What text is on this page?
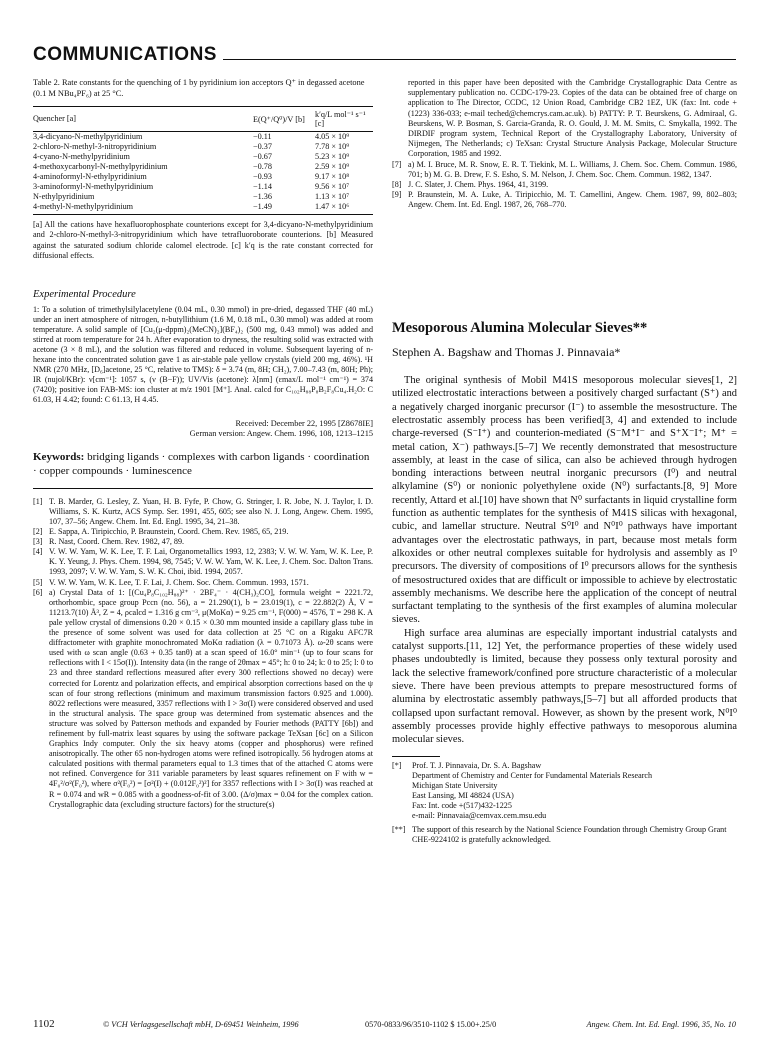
COMMUNICATIONS
Table 2. Rate constants for the quenching of 1 by pyridinium ion acceptors Q⁺ in degassed acetone (0.1 M NBu₄PF₆) at 25 °C.
Quencher [a]	E(Q⁺/Q⁰)/V [b]	k′q/L mol⁻¹ s⁻¹ [c]
3,4-dicyano-N-methylpyridinium	−0.11	4.05 × 10⁹
2-chloro-N-methyl-3-nitropyridinium	−0.37	7.78 × 10⁹
4-cyano-N-methylpyridinium	−0.67	5.23 × 10⁹
4-methoxycarbonyl-N-methylpyridinium	−0.78	2.59 × 10⁹
4-aminoformyl-N-ethylpyridinium	−0.93	9.17 × 10⁸
3-aminoformyl-N-methylpyridinium	−1.14	9.56 × 10⁷
N-ethylpyridinium	−1.36	1.13 × 10⁷
4-methyl-N-methylpyridinium	−1.49	1.47 × 10⁶
[a] All the cations have hexafluorophosphate counterions except for 3,4-dicyano-N-methylpyridinium and 2-chloro-N-methyl-3-nitropyridinium which have tetrafluoroborate counterions. [b] Measured against the saturated sodium chloride calomel electrode. [c] k′q is the rate constant corrected for diffusional effects.
Experimental Procedure
1: To a solution of trimethylsilylacetylene (0.04 mL, 0.30 mmol) in pre-dried, degassed THF (40 mL) under an inert atmosphere of nitrogen, n-butyllithium (1.6 M, 0.18 mL, 0.30 mmol) was added at room temperature. A solid sample of [Cu₂(μ-dppm)₂(MeCN)₂](BF₄)₂ (500 mg, 0.43 mmol) was added and stirred at room temperature for 24 h. After evaporation to dryness, the resulting solid was extracted with acetone (3 × 8 mL), and the solution was filtered and reduced in volume. Subsequent layering of n-hexane into the concentrated solution gave 1 as air-stable pale yellow crystals (yield 200 mg, 46%). ¹H NMR (270 MHz, [D₆]acetone, 25 °C, relative to TMS): δ = 3.74 (m, 8H; CH₂), 7.00–7.43 (m, 80H; Ph); IR (nujol/KBr): ν[cm⁻¹]: 1057 s, (ν (B−F)); UV/Vis (acetone): λ[nm] (εmax/L mol⁻¹ cm⁻¹) = 374 (7420); positive ion FAB-MS: ion cluster at m/z 1901 [M⁺]. Anal. calcd for C₁₀₂H₈₈P₈B₂F₈Cu₄.H₂O: C 61.03, H 4.42; found: C 61.13, H 4.45.
Received: December 22, 1995 [Z8678IE]
German version: Angew. Chem. 1996, 108, 1213–1215
Keywords: bridging ligands · complexes with carbon ligands · coordination · copper compounds · luminescence
[1] T. B. Marder, G. Lesley, Z. Yuan, H. B. Fyfe, P. Chow, G. Stringer, I. R. Jobe, N. J. Taylor, I. D. Williams, S. K. Kurtz, ACS Symp. Ser. 1991, 455, 605; see also N. J. Long, Angew. Chem. 1995, 107, 37–56; Angew. Chem. Int. Ed. Engl. 1995, 34, 21–38.
[2] E. Sappa, A. Tiripicchio, P. Braunstein, Coord. Chem. Rev. 1985, 65, 219.
[3] R. Nast, Coord. Chem. Rev. 1982, 47, 89.
[4] V. W. W. Yam, W. K. Lee, T. F. Lai, Organometallics 1993, 12, 2383; V. W. W. Yam, W. K. Lee, P. K. Y. Yeung, J. Phys. Chem. 1994, 98, 7545; V. W. W. Yam, W. K. Lee, J. Chem. Soc. Dalton Trans. 1993, 2097; V. W. W. Yam, S. W. K. Choi, ibid. 1994, 2057.
[5] V. W. W. Yam, W. K. Lee, T. F. Lai, J. Chem. Soc. Chem. Commun. 1993, 1571.
[6] a) Crystal Data of 1: [(Cu₄P₈C₁₀₂H₈₈)²⁺ · 2BF₄⁻ · 4(CH₃)₂CO], formula weight = 2221.72, orthorhombic, space group Pccn (no. 56), a = 21.290(1), b = 23.019(1), c = 22.882(2) Å, V = 11213.7(10) Å³, Z = 4, ρcalcd = 1.316 g cm⁻³, μ(MoKα) = 9.25 cm⁻¹, F(000) = 4576, T = 298 K. A pale yellow crystal of dimensions 0.20 × 0.15 × 0.30 mm mounted inside a capillary glass tube in the presence of some solvent was used for data collection at 25 °C on a Rigaku AFC7R diffractometer with graphite monochromated MoKα radiation (λ = 0.71073 Å). ω-2θ scans were used with ω scan angle (0.63 + 0.35 tanθ) at a scan speed of 16.0° min⁻¹ (up to four scans for reflections with I < 15σ(I)). Intensity data (in the range of 2θmax = 45°; h: 0 to 24; k: 0 to 25; l: 0 to 23 and three standard reflections measured after every 300 reflections showed no decay) were corrected for Lorentz and polarization effects, and empirical absorption corrections based on the ψ scan of four strong reflections (minimum and maximum transmission factors 0.925 and 1.000). 8022 reflections were measured, 3357 reflections with I > 3σ(I) were considered observed and used in the structural analysis. The space group was determined from systematic absences and the structure was solved by Patterson methods and expanded by Fourier methods (PATTY [6b]) and refinement by full-matrix least squares by using the software package TeXsan [6c] on a Silicon Graphics Indy computer. Only the six heavy atoms (copper and phosphorus) were refined anisotropically. The other 65 non-hydrogen atoms were refined isotropically. 56 hydrogen atoms at calculated positions with thermal parameters equal to 1.3 times that of the attached C atoms were not refined. Convergence for 311 variable parameters by least squares refinement on F with w = 4F₀²/σ²(F₀²), where σ²(F₀²) = [σ²(I) + (0.012F₀²)²] for 3357 reflections with I > 3σ(I) was reached at R = 0.074 and wR = 0.085 with a goodness-of-fit of 3.00. (Δ/σ)max = 0.04 for the complex cation. Crystallographic data (excluding structure factors) for the structure(s)
reported in this paper have been deposited with the Cambridge Crystallographic Data Centre as supplementary publication no. CCDC-179-23. Copies of the data can be obtained free of charge on application to The Director, CCDC, 12 Union Road, Cambridge CB2 1EZ, UK (fax: Int. code + (1223) 336-033; e-mail teched@chemcrys.cam.ac.uk). b) PATTY: P. T. Beurskens, G. Admiraal, G. Beurskens, W. P. Bosman, S. Garcia-Granda, R. O. Gould, J. M. M. Smits, C. Smykalla, 1992. The DIRDIF program system, Technical Report of the Crystallography Laboratory, University of Nijmegen, The Netherlands; c) TeXsan: Crystal Structure Analysis Package, Molecular Structure Corporation, 1985 and 1992.
[7] a) M. I. Bruce, M. R. Snow, E. R. T. Tiekink, M. L. Williams, J. Chem. Soc. Chem. Commun. 1986, 701; b) M. G. B. Drew, F. S. Esho, S. M. Nelson, J. Chem. Soc. Chem. Commun. 1982, 1347.
[8] J. C. Slater, J. Chem. Phys. 1964, 41, 3199.
[9] P. Braunstein, M. A. Luke, A. Tiripicchio, M. T. Camellini, Angew. Chem. 1987, 99, 802–803; Angew. Chem. Int. Ed. Engl. 1987, 26, 768–770.
Mesoporous Alumina Molecular Sieves**
Stephen A. Bagshaw and Thomas J. Pinnavaia*

The original synthesis of Mobil M41S mesoporous molecular sieves[1, 2] utilized electrostatic interactions between a positively charged surfactant (S⁺) and a negatively charged inorganic precursor (I⁻) to assemble the mesostructure. The electrostatic assembly process has been verified[3, 4] and extended to include charge-reversed (S⁻I⁺) and counterion-mediated (S⁻M⁺I⁻ and S⁺X⁻I⁺; M⁺ = metal cation, X⁻) pathways.[5–7] We recently demonstrated that mesostructure assembly, at least in the case of silica, can also be achieved through hydrogen bonding interactions between neutral inorganic precursors (I⁰) and neutral alkylamine (S⁰) or nonionic polyethylene oxide (N⁰) surfactants.[8, 9] More recently, Attard et al.[10] have shown that N⁰ surfactants in liquid crystalline form function as authentic templates for the synthesis of M41S silicas with hexagonal, cubic, and lamellar structure. Neutral S⁰I⁰ and N⁰I⁰ pathways have important advantages over the electrostatic pathways, in part, because most metals form alkoxides or other neutral complexes suitable for hydrolysis and assembly as I⁰ precursors. The diversity of compositions of I⁰ precursors allows for the synthesis of mesostructured oxides that are difficult or impossible to achieve by electrostatic assembly mechanisms. We describe here the application of the concept of neutral surfactant templating to the synthesis of the first examples of alumina molecular sieves.

High surface area aluminas are especially important industrial catalysts and catalyst supports.[11, 12] Yet, the performance properties of these widely used phases undoubtedly is limited, because they possess only textural porosity and lack the selective framework/confined pore structure characteristic of a molecular sieve. There have been previous attempts to prepare mesostructured forms of alumina by electrostatic assembly pathways,[5–7] but all afforded products that collapsed upon surfactant removal. However, as shown by the present work, N⁰I⁰ assembly processes provide highly effective pathways to mesoporous alumina molecular sieves.

[*]	Prof. T. J. Pinnavaia, Dr. S. A. Bagshaw
Department of Chemistry and Center for Fundamental Materials Research
Michigan State University
East Lansing, MI 48824 (USA)
Fax: Int. code +(517)432-1225
e-mail: Pinnavaia@cemvax.cem.msu.edu
[**] The support of this research by the National Science Foundation through Chemistry Group Grant CHE-9224102 is gratefully acknowledged.
1102	© VCH Verlagsgesellschaft mbH, D-69451 Weinheim, 1996	0570-0833/96/3510-1102 $ 15.00+.25/0	Angew. Chem. Int. Ed. Engl. 1996, 35, No. 10
